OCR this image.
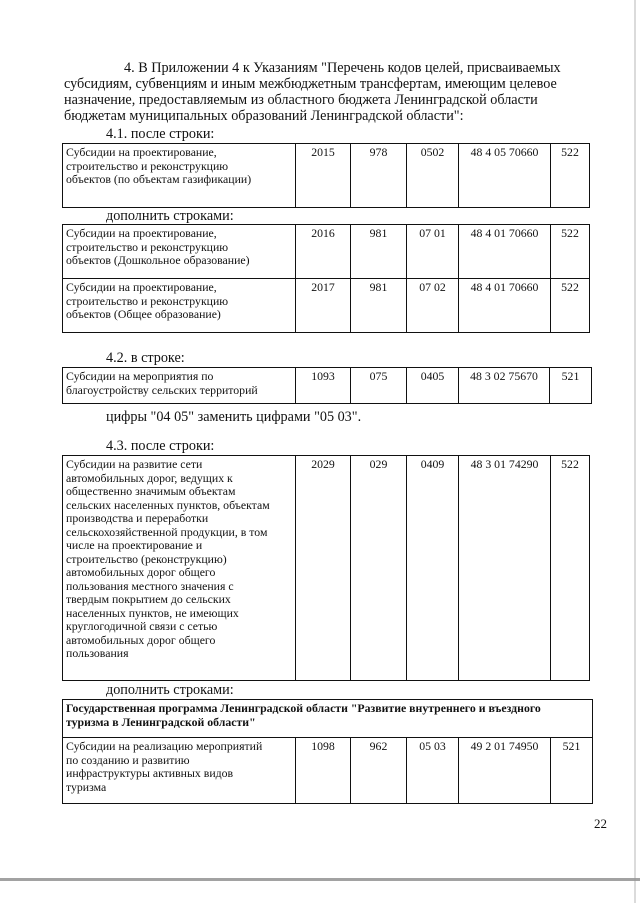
4. В Приложении 4 к Указаниям "Перечень кодов целей, присваиваемых
субсидиям, субвенциям и иным межбюджетным трансфертам, имеющим целевое
назначение, предоставляемым из областного бюджета Ленинградской области
бюджетам муниципальных образований Ленинградской области":
4.1. после строки:
Субсидии на проектирование,
строительство и реконструкцию
объектов (по объектам газификации)
	2015	978	0502	48 4 05 70660	522
дополнить строками:
Субсидии на проектирование,
строительство и реконструкцию
объектов (Дошкольное образование)	2016	981	07 01	48 4 01 70660	522

Субсидии на проектирование,
строительство и реконструкцию
объектов (Общее образование)	2017	981	07 02	48 4 01 70660	522
4.2. в строке:
Субсидии на мероприятия по
благоустройству сельских территорий
	1093	075	0405	48 3 02 75670	521
цифры "04 05" заменить цифрами "05 03".
4.3. после строки:
Субсидии на развитие сети
автомобильных дорог, ведущих к
общественно значимым объектам
сельских населенных пунктов, объектам
производства и переработки
сельскохозяйственной продукции, в том
числе на проектирование и
строительство (реконструкцию)
автомобильных дорог общего
пользования местного значения с
твердым покрытием до сельских
населенных пунктов, не имеющих
круглогодичной связи с сетью
автомобильных дорог общего
пользования
	2029	029	0409	48 3 01 74290	522
дополнить строками:
Государственная программа Ленинградской области "Развитие внутреннего и въездного
туризма в Ленинградской области"

Субсидии на реализацию мероприятий
по созданию и развитию
инфраструктуры активных видов
туризма
	1098	962	05 03	49 2 01 74950	521
22
